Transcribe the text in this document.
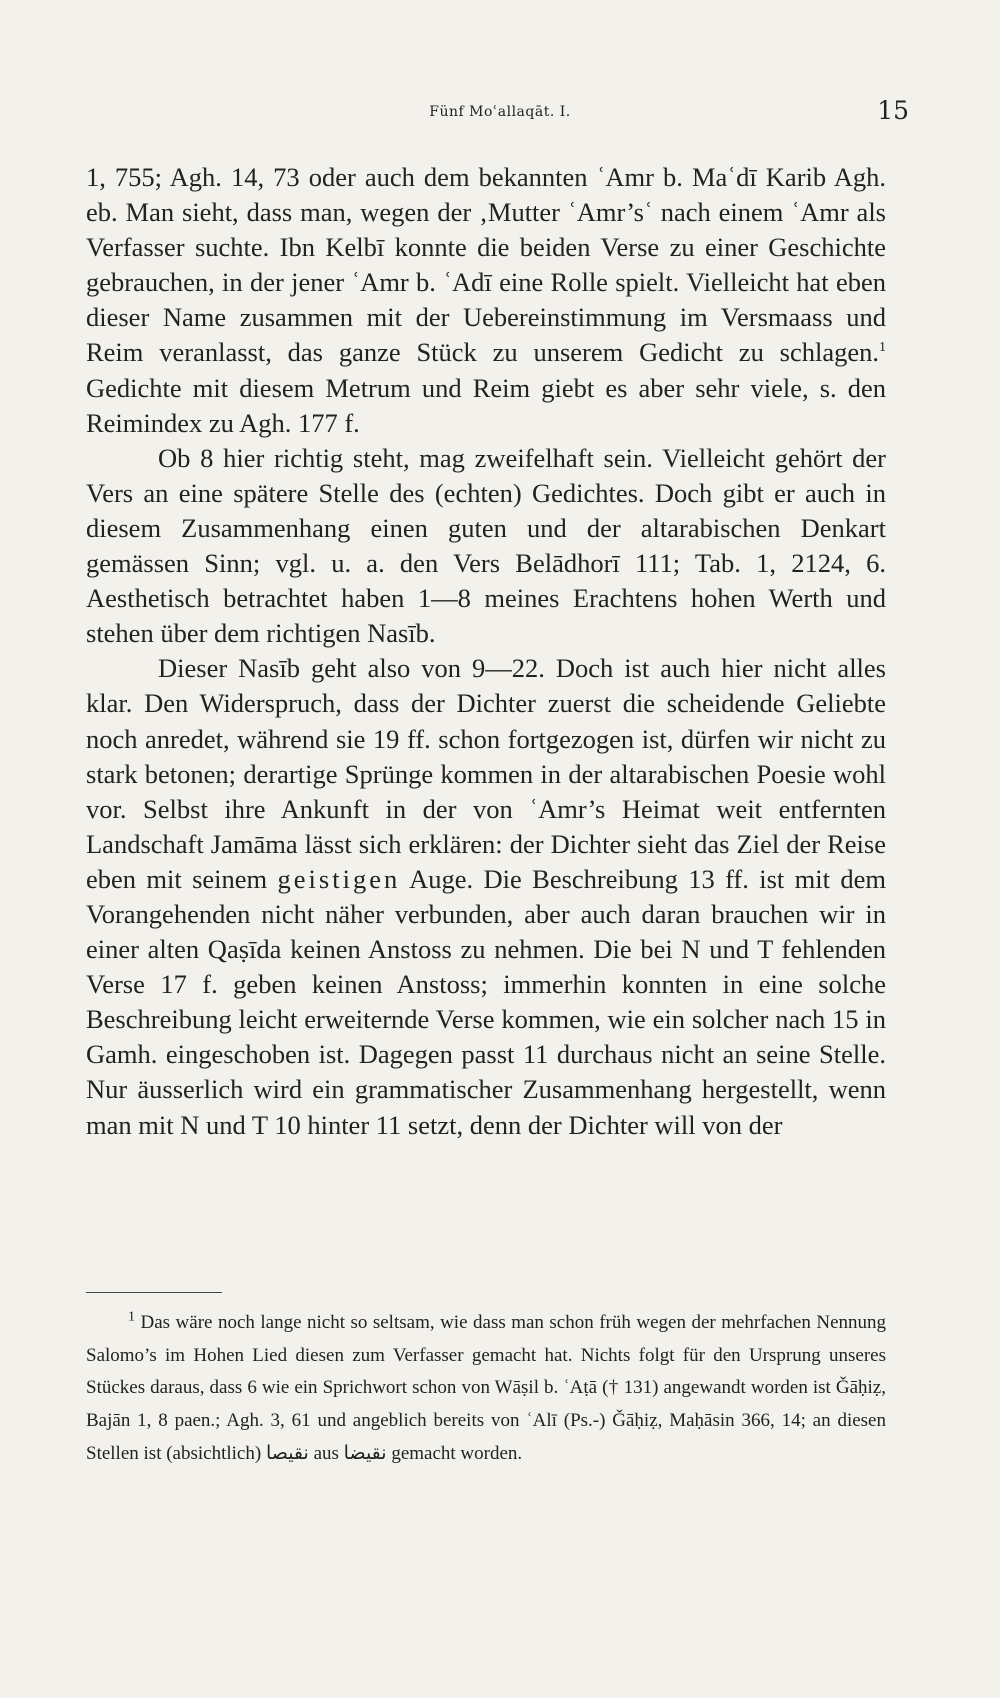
Fünf Moʿallaqāt. I.	15

1, 755; Agh. 14, 73 oder auch dem bekannten ʿAmr b. Maʿdī Karib Agh. eb. Man sieht, dass man, wegen der ‚Mutter ʿAmr’sʿ nach einem ʿAmr als Verfasser suchte. Ibn Kelbī konnte die beiden Verse zu einer Geschichte gebrauchen, in der jener ʿAmr b. ʿAdī eine Rolle spielt. Vielleicht hat eben dieser Name zusammen mit der Uebereinstimmung im Versmaass und Reim veranlasst, das ganze Stück zu unserem Gedicht zu schlagen.$^1$ Gedichte mit diesem Metrum und Reim giebt es aber sehr viele, s. den Reimindex zu Agh. 177 f.

Ob 8 hier richtig steht, mag zweifelhaft sein. Vielleicht gehört der Vers an eine spätere Stelle des (echten) Gedichtes. Doch gibt er auch in diesem Zusammenhang einen guten und der altarabischen Denkart gemässen Sinn; vgl. u. a. den Vers Belādhorī 111; Tab. 1, 2124, 6. Aesthetisch betrachtet haben 1—8 meines Erachtens hohen Werth und stehen über dem richtigen Nasīb.

Dieser Nasīb geht also von 9—22. Doch ist auch hier nicht alles klar. Den Widerspruch, dass der Dichter zuerst die scheidende Geliebte noch anredet, während sie 19 ff. schon fortgezogen ist, dürfen wir nicht zu stark betonen; derartige Sprünge kommen in der altarabischen Poesie wohl vor. Selbst ihre Ankunft in der von ʿAmr’s Heimat weit entfernten Landschaft Jamāma lässt sich erklären: der Dichter sieht das Ziel der Reise eben mit seinem geistigen Auge. Die Beschreibung 13 ff. ist mit dem Vorangehenden nicht näher verbunden, aber auch daran brauchen wir in einer alten Qaṣīda keinen Anstoss zu nehmen. Die bei N und T fehlenden Verse 17 f. geben keinen Anstoss; immerhin konnten in eine solche Beschreibung leicht erweiternde Verse kommen, wie ein solcher nach 15 in Gamh. eingeschoben ist. Dagegen passt 11 durchaus nicht an seine Stelle. Nur äusserlich wird ein grammatischer Zusammenhang hergestellt, wenn man mit N und T 10 hinter 11 setzt, denn der Dichter will von der

$^1$ Das wäre noch lange nicht so seltsam, wie dass man schon früh wegen der mehrfachen Nennung Salomo’s im Hohen Lied diesen zum Verfasser gemacht hat. Nichts folgt für den Ursprung unseres Stückes daraus, dass 6 wie ein Sprichwort schon von Wāṣil b. ʿAṭā († 131) angewandt worden ist Ǧāḥiẓ, Bajān 1, 8 paen.; Agh. 3, 61 und angeblich bereits von ʿAlī (Ps.-) Ǧāḥiẓ, Maḥāsin 366, 14; an diesen Stellen ist (absichtlich) نقيصا aus نقيضا gemacht worden.
